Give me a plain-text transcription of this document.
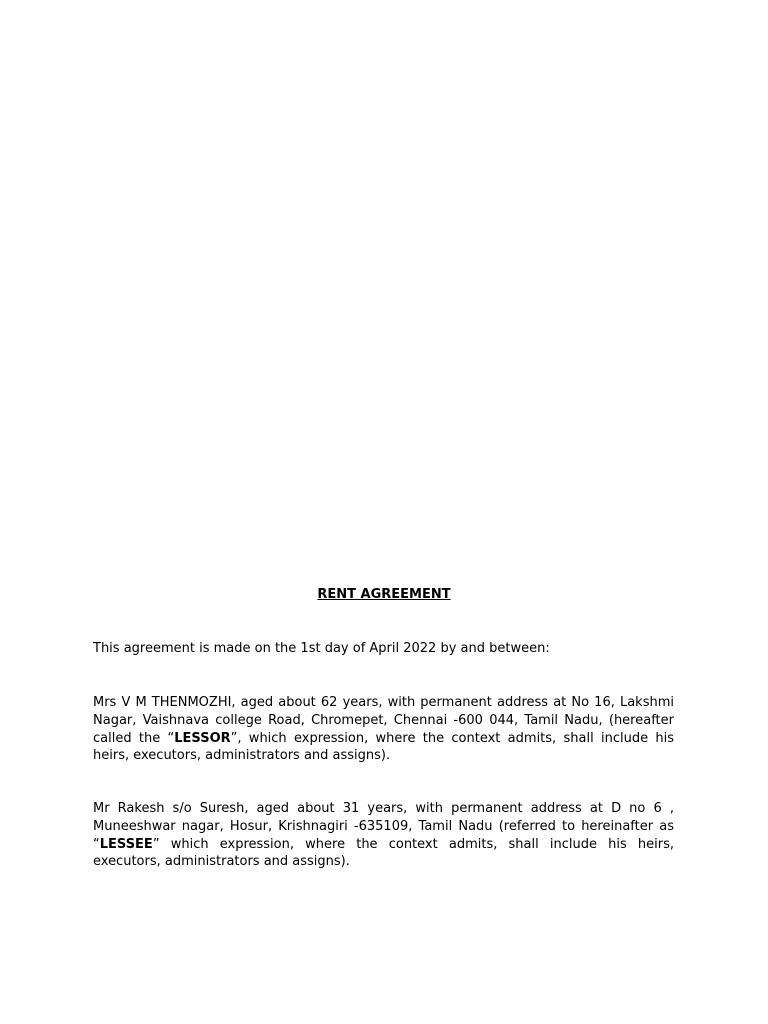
RENT AGREEMENT

This agreement is made on the 1st day of April 2022 by and between:

Mrs V M THENMOZHI, aged about 62 years, with permanent address at No 16, Lakshmi Nagar, Vaishnava college Road, Chromepet, Chennai -600 044, Tamil Nadu, (hereafter called the “LESSOR”, which expression, where the context admits, shall include his heirs, executors, administrators and assigns).

Mr Rakesh s/o Suresh, aged about 31 years, with permanent address at D no 6 , Muneeshwar nagar, Hosur, Krishnagiri -635109, Tamil Nadu (referred to hereinafter as “LESSEE” which expression, where the context admits, shall include his heirs, executors, administrators and assigns).
